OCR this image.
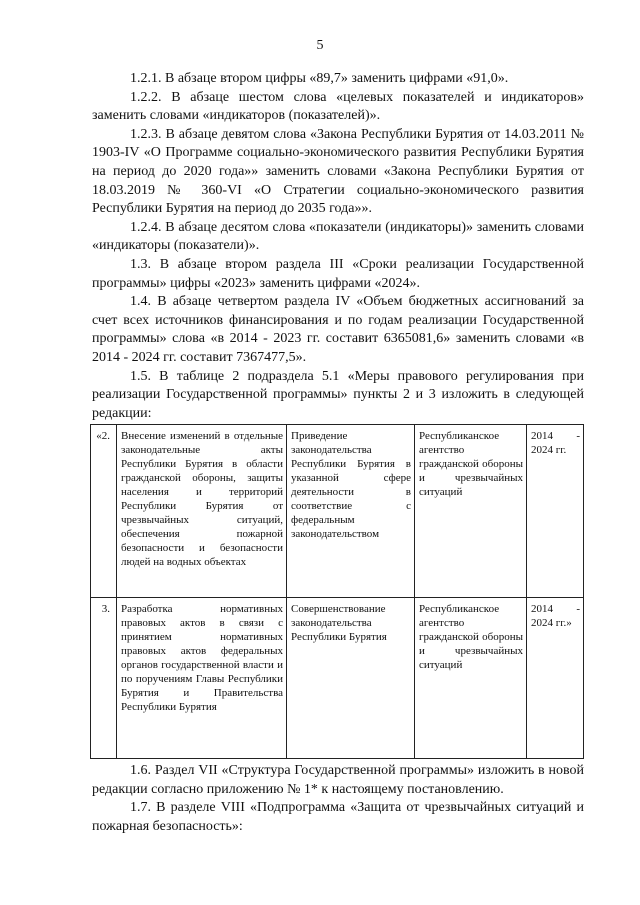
5

1.2.1. В абзаце втором цифры «89,7» заменить цифрами «91,0».

1.2.2. В абзаце шестом слова «целевых показателей и индикаторов» заменить словами «индикаторов (показателей)».

1.2.3. В абзаце девятом слова «Закона Республики Бурятия от 14.03.2011 № 1903-IV «О Программе социально-экономического развития Республики Бурятия на период до 2020 года»» заменить словами «Закона Республики Бурятия от 18.03.2019 № 360-VI «О Стратегии социально-экономического развития Республики Бурятия на период до 2035 года»».

1.2.4. В абзаце десятом слова «показатели (индикаторы)» заменить словами «индикаторы (показатели)».

1.3. В абзаце втором раздела III «Сроки реализации Государственной программы» цифры «2023» заменить цифрами «2024».

1.4. В абзаце четвертом раздела IV «Объем бюджетных ассигнований за счет всех источников финансирования и по годам реализации Государственной программы» слова «в 2014 - 2023 гг. составит 6365081,6» заменить словами «в 2014 - 2024 гг. составит 7367477,5».

1.5. В таблице 2 подраздела 5.1 «Меры правового регулирования при реализации Государственной программы» пункты 2 и 3 изложить в следующей редакции:

«2.	Внесение изменений в отдельные законодательные акты Республики Бурятия в области гражданской обороны, защиты населения и территорий Республики Бурятия от чрезвычайных ситуаций, обеспечения пожарной безопасности и безопасности людей на водных объектах	Приведение законодательства Республики Бурятия в указанной сфере деятельности в соответствие с федеральным законодательством	Республиканское агентство гражданской обороны и чрезвычайных ситуаций	2014 - 2024 гг.
3.	Разработка нормативных правовых актов в связи с принятием нормативных правовых актов федеральных органов государственной власти и по поручениям Главы Республики Бурятия и Правительства Республики Бурятия	Совершенствование законодательства Республики Бурятия	Республиканское агентство гражданской обороны и чрезвычайных ситуаций	2014 - 2024 гг.»

1.6. Раздел VII «Структура Государственной программы» изложить в новой редакции согласно приложению № 1* к настоящему постановлению.

1.7. В разделе VIII «Подпрограмма «Защита от чрезвычайных ситуаций и пожарная безопасность»:
